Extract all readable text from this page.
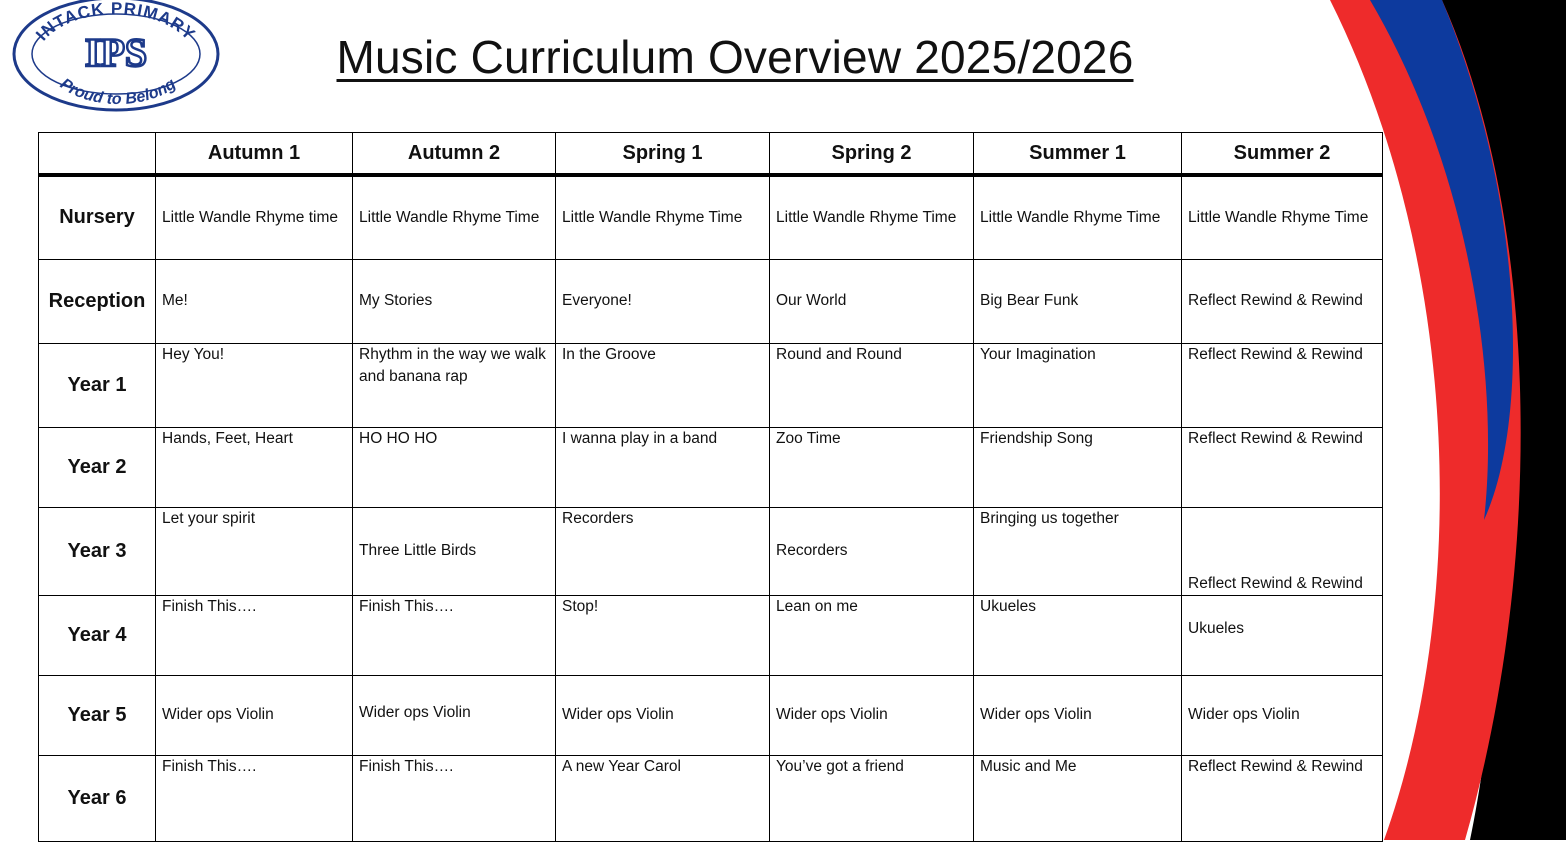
INTACK PRIMARY
IPS
Proud to Belong
Music Curriculum Overview 2025/2026
	Autumn 1	Autumn 2	Spring 1	Spring 2	Summer 1	Summer 2
Nursery	Little Wandle Rhyme time	Little Wandle Rhyme Time	Little Wandle Rhyme Time	Little Wandle Rhyme Time	Little Wandle Rhyme Time	Little Wandle Rhyme Time
Reception	Me!	My Stories	Everyone!	Our World	Big Bear Funk	Reflect Rewind & Rewind
Year 1	Hey You!	Rhythm in the way we walk and banana rap	In the Groove	Round and Round	Your Imagination	Reflect Rewind & Rewind
Year 2	Hands, Feet, Heart	HO HO HO	I wanna play in a band	Zoo Time	Friendship Song	Reflect Rewind & Rewind
Year 3	Let your spirit	Three Little Birds	Recorders	Recorders	Bringing us together	Reflect Rewind & Rewind
Year 4	Finish This….	Finish This….	Stop!	Lean on me	Ukueles	Ukueles
Year 5	Wider ops Violin	Wider ops Violin	Wider ops Violin	Wider ops Violin	Wider ops Violin	Wider ops Violin
Year 6	Finish This….	Finish This….	A new Year Carol	You’ve got a friend	Music and Me	Reflect Rewind & Rewind
